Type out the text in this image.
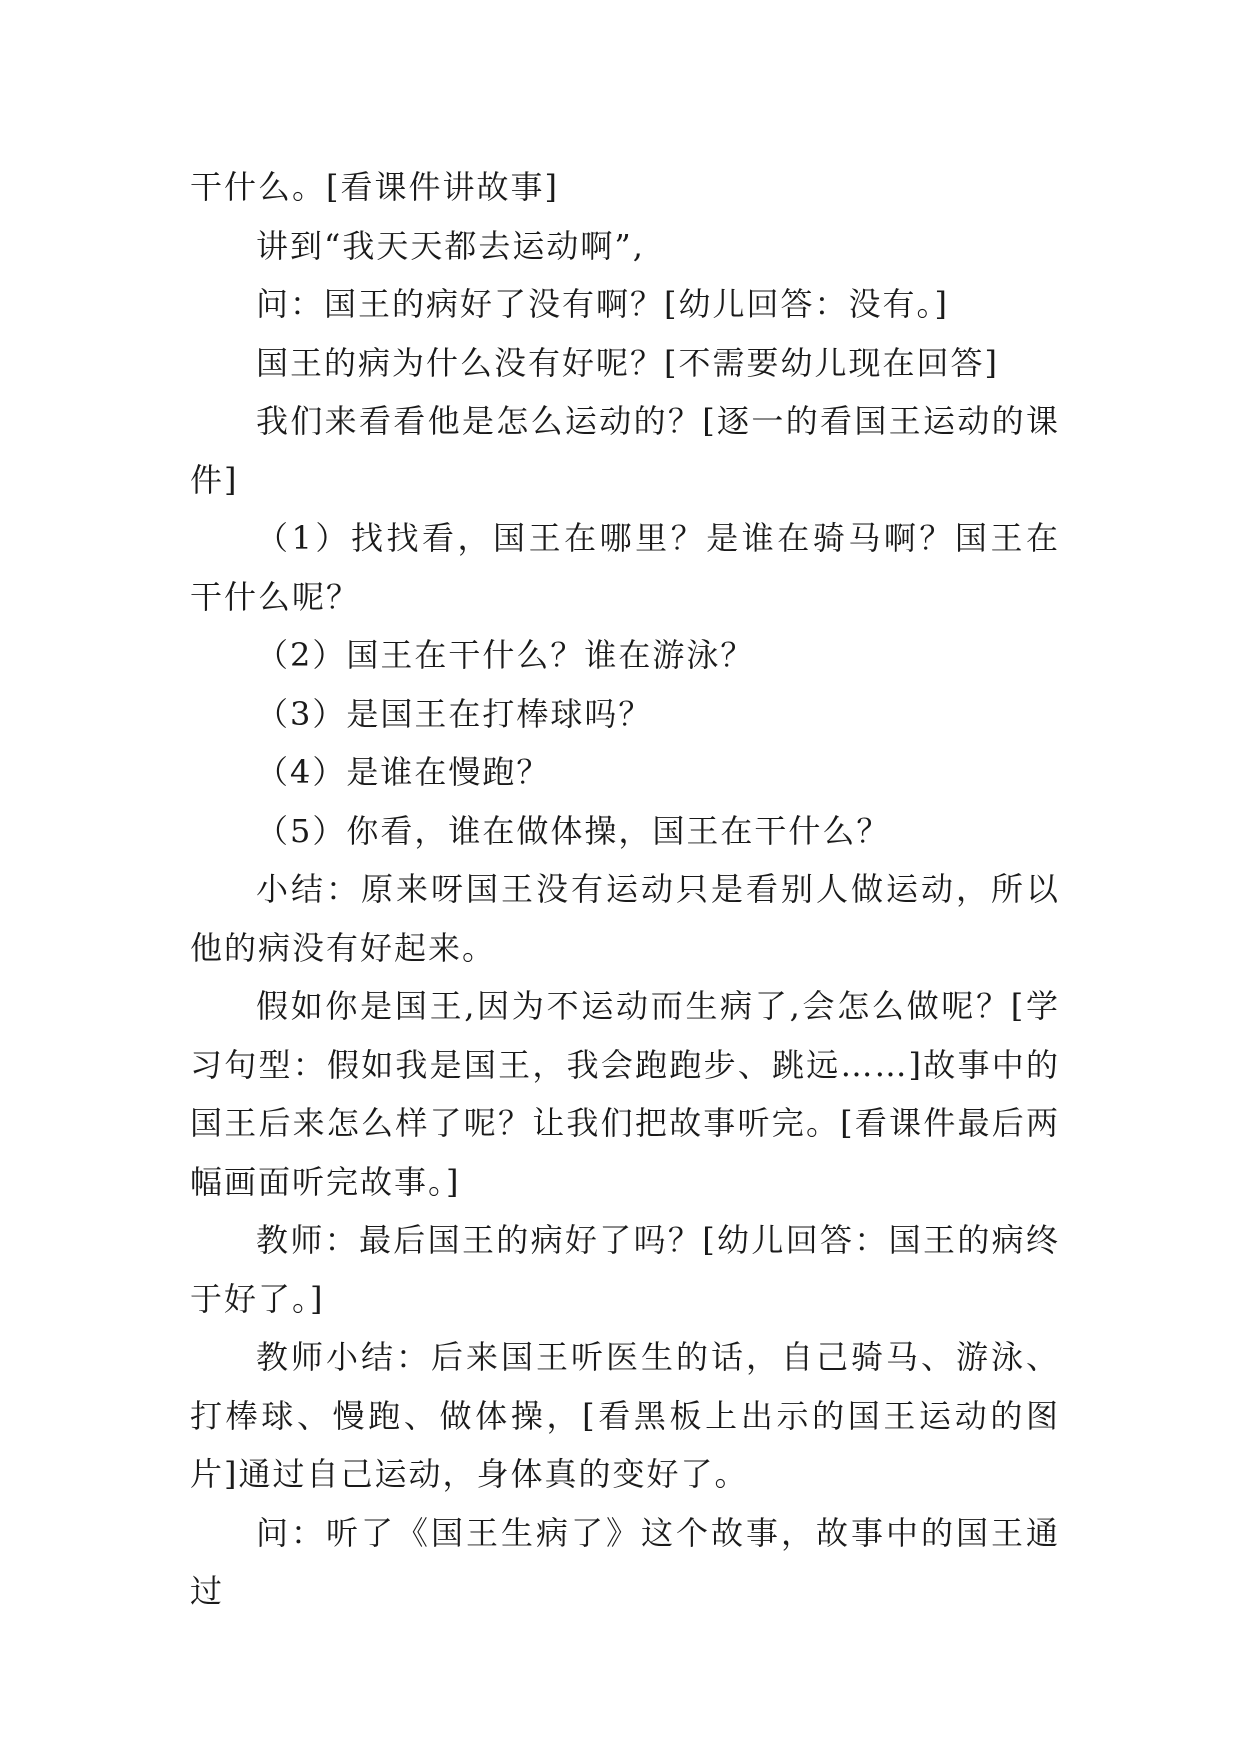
干什么。[看课件讲故事]

讲到“我天天都去运动啊”,

问：国王的病好了没有啊？[幼儿回答：没有。]

国王的病为什么没有好呢？[不需要幼儿现在回答]

我们来看看他是怎么运动的？[逐一的看国王运动的课件]

（1）找找看，国王在哪里？是谁在骑马啊？国王在干什么呢？

（2）国王在干什么？谁在游泳？

（3）是国王在打棒球吗？

（4）是谁在慢跑？

（5）你看，谁在做体操，国王在干什么？

小结：原来呀国王没有运动只是看别人做运动，所以他的病没有好起来。

假如你是国王,因为不运动而生病了,会怎么做呢？[学习句型：假如我是国王，我会跑跑步、跳远……]故事中的国王后来怎么样了呢？让我们把故事听完。[看课件最后两幅画面听完故事。]

教师：最后国王的病好了吗？[幼儿回答：国王的病终于好了。]

教师小结：后来国王听医生的话，自己骑马、游泳、打棒球、慢跑、做体操，[看黑板上出示的国王运动的图片]通过自己运动，身体真的变好了。

问：听了《国王生病了》这个故事，故事中的国王通过
